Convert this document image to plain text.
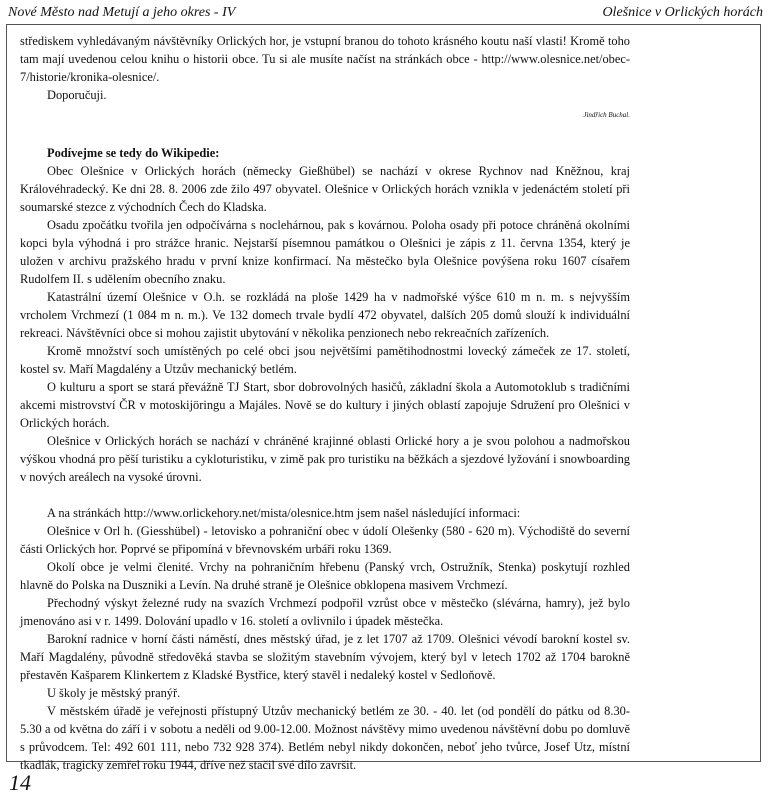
Nové Město nad Metují a jeho okres - IV	Olešnice v Orlických horách

střediskem vyhledávaným návštěvníky Orlických hor, je vstupní branou do tohoto krásného koutu naší vlasti! Kromě toho tam mají uvedenou celou knihu o historii obce. Tu si ale musíte načíst na stránkách obce - http://www.olesnice.net/obec-7/historie/kronika-olesnice/.

Doporučuji.

Jindřich Buchal.

Podívejme se tedy do Wikipedie:

Obec Olešnice v Orlických horách (německy Gießhübel) se nachází v okrese Rychnov nad Kněžnou, kraj Královéhradecký. Ke dni 28. 8. 2006 zde žilo 497 obyvatel. Olešnice v Orlických horách vznikla v jedenáctém století při soumarské stezce z východních Čech do Kladska.

Osadu zpočátku tvořila jen odpočívárna s noclehárnou, pak s kovárnou. Poloha osady při potoce chráněná okolními kopci byla výhodná i pro strážce hranic. Nejstarší písemnou památkou o Olešnici je zápis z 11. června 1354, který je uložen v archivu pražského hradu v první knize konfirmací. Na městečko byla Olešnice povýšena roku 1607 císařem Rudolfem II. s udělením obecního znaku.

Katastrální území Olešnice v O.h. se rozkládá na ploše 1429 ha v nadmořské výšce 610 m n. m. s nejvyšším vrcholem Vrchmezí (1 084 m n. m.). Ve 132 domech trvale bydlí 472 obyvatel, dalších 205 domů slouží k individuální rekreaci. Návštěvníci obce si mohou zajistit ubytování v několika penzionech nebo rekreačních zařízeních.

Kromě množství soch umístěných po celé obci jsou největšími pamětihodnostmi lovecký zámeček ze 17. století, kostel sv. Maří Magdalény a Utzův mechanický betlém.

O kulturu a sport se stará převážně TJ Start, sbor dobrovolných hasičů, základní škola a Automotoklub s tradičními akcemi mistrovství ČR v motoskijöringu a Majáles. Nově se do kultury i jiných oblastí zapojuje Sdružení pro Olešnici v Orlických horách.

Olešnice v Orlických horách se nachází v chráněné krajinné oblasti Orlické hory a je svou polohou a nadmořskou výškou vhodná pro pěší turistiku a cykloturistiku, v zimě pak pro turistiku na běžkách a sjezdové lyžování i snowboarding v nových areálech na vysoké úrovni.

A na stránkách http://www.orlickehory.net/mista/olesnice.htm jsem našel následující informaci:

Olešnice v Orl h. (Giesshübel) - letovisko a pohraniční obec v údolí Olešenky (580 - 620 m). Východiště do severní části Orlických hor. Poprvé se připomíná v břevnovském urbáři roku 1369.

Okolí obce je velmi členité. Vrchy na pohraničním hřebenu (Panský vrch, Ostružník, Stenka) poskytují rozhled hlavně do Polska na Duszniki a Levín. Na druhé straně je Olešnice obklopena masivem Vrchmezí.

Přechodný výskyt železné rudy na svazích Vrchmezí podpořil vzrůst obce v městečko (slévárna, hamry), jež bylo jmenováno asi v r. 1499. Dolování upadlo v 16. století a ovlivnilo i úpadek městečka.

Barokní radnice v horní části náměstí, dnes městský úřad, je z let 1707 až 1709. Olešnici vévodí barokní kostel sv. Maří Magdalény, původně středověká stavba se složitým stavebním vývojem, který byl v letech 1702 až 1704 barokně přestavěn Kašparem Klinkertem z Kladské Bystřice, který stavěl i nedaleký kostel v Sedloňově.

U školy je městský pranýř.

V městském úřadě je veřejnosti přístupný Utzův mechanický betlém ze 30. - 40. let (od pondělí do pátku od 8.30- 5.30 a od května do září i v sobotu a neděli od 9.00-12.00. Možnost návštěvy mimo uvedenou návštěvní dobu po domluvě s průvodcem. Tel: 492 601 111, nebo 732 928 374). Betlém nebyl nikdy dokončen, neboť jeho tvůrce, Josef Utz, místní tkadlák, tragicky zemřel roku 1944, dříve než stačil své dílo završit.

14
